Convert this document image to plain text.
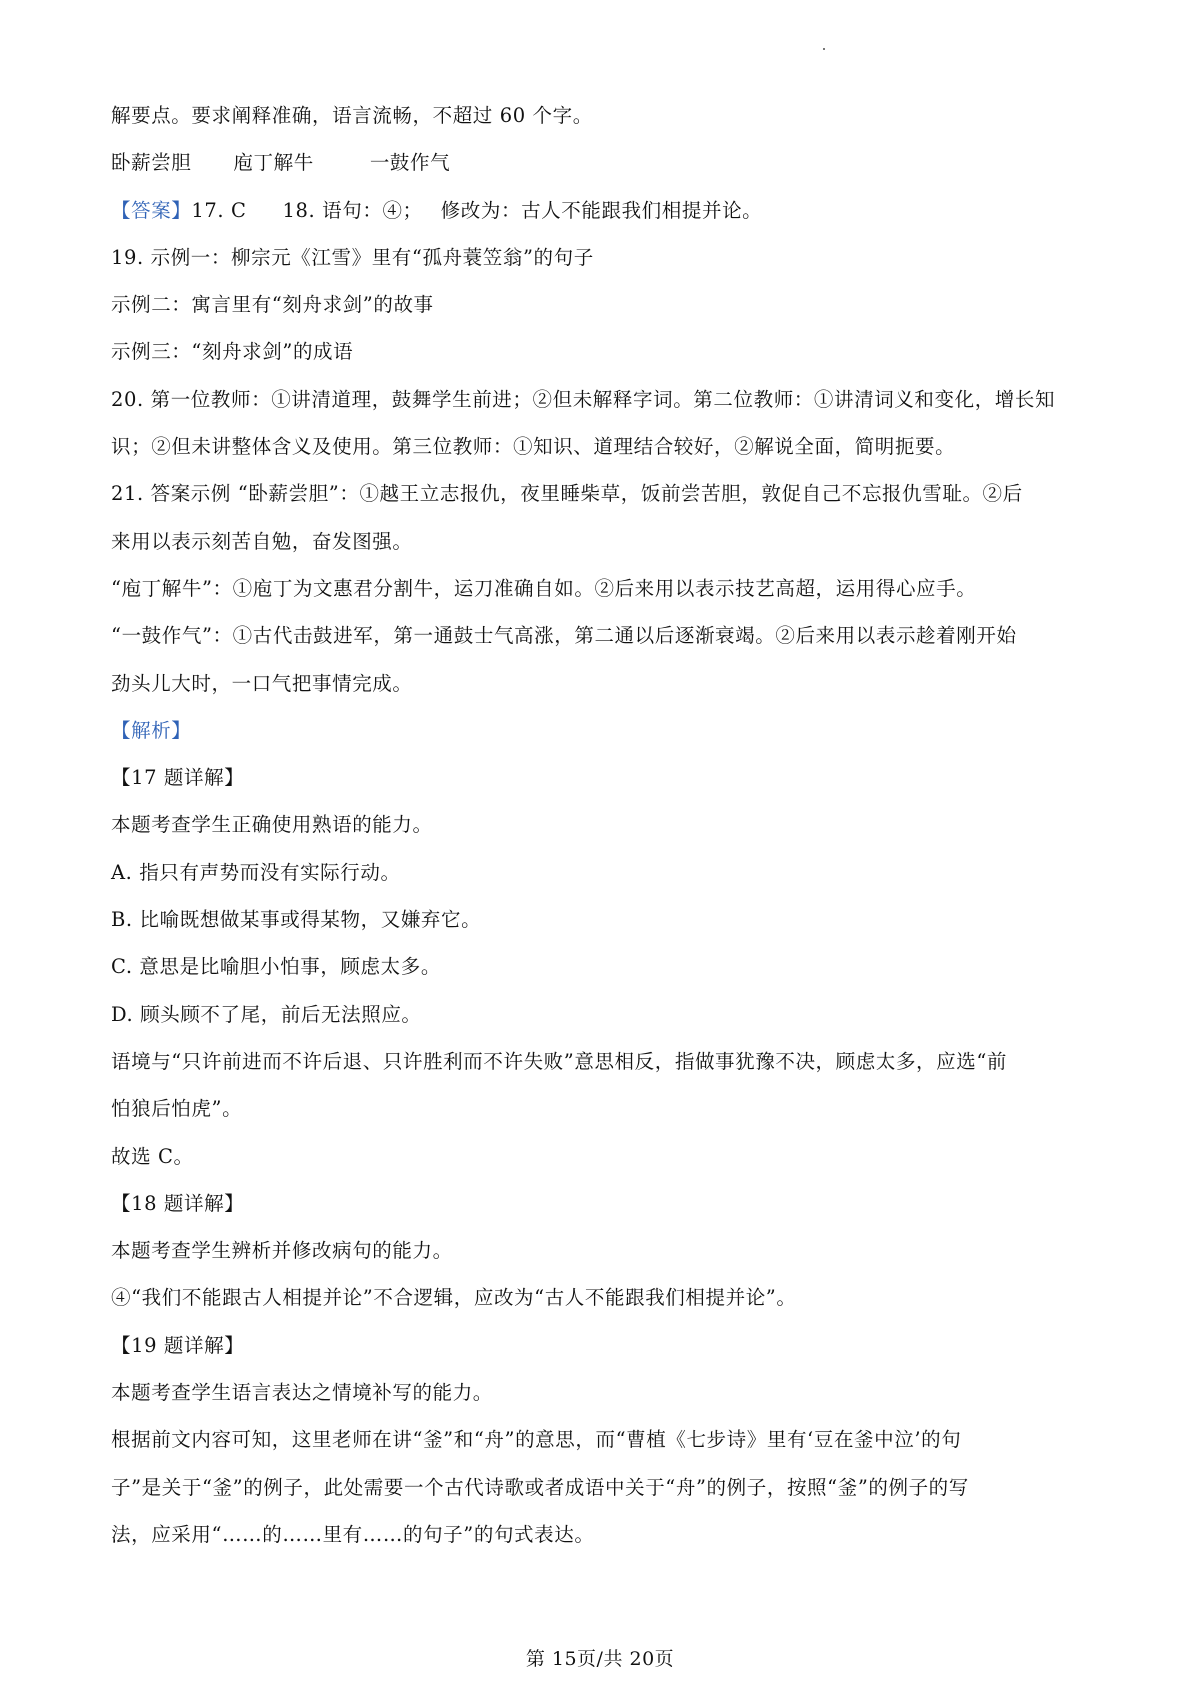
解要点。要求阐释准确，语言流畅，不超过 60 个字。
卧薪尝胆 庖丁解牛	一鼓作气
【答案】17. C 18. 语句：④； 修改为：古人不能跟我们相提并论。
19. 示例一：柳宗元《江雪》里有“孤舟蓑笠翁”的句子
示例二：寓言里有“刻舟求剑”的故事
示例三：“刻舟求剑”的成语
20. 第一位教师：①讲清道理，鼓舞学生前进；②但未解释字词。第二位教师：①讲清词义和变化，增长知
识；②但未讲整体含义及使用。第三位教师：①知识、道理结合较好，②解说全面，简明扼要。
21. 答案示例 “卧薪尝胆”：①越王立志报仇，夜里睡柴草，饭前尝苦胆，敦促自己不忘报仇雪耻。②后
来用以表示刻苦自勉，奋发图强。
“庖丁解牛”：①庖丁为文惠君分割牛，运刀准确自如。②后来用以表示技艺高超，运用得心应手。
“一鼓作气”：①古代击鼓进军，第一通鼓士气高涨，第二通以后逐渐衰竭。②后来用以表示趁着刚开始
劲头儿大时，一口气把事情完成。
【解析】
【17 题详解】
本题考查学生正确使用熟语的能力。
A. 指只有声势而没有实际行动。
B. 比喻既想做某事或得某物，又嫌弃它。
C. 意思是比喻胆小怕事，顾虑太多。
D. 顾头顾不了尾，前后无法照应。
语境与“只许前进而不许后退、只许胜利而不许失败”意思相反，指做事犹豫不决，顾虑太多，应选“前
怕狼后怕虎”。
故选 C。
【18 题详解】
本题考查学生辨析并修改病句的能力。
④“我们不能跟古人相提并论”不合逻辑，应改为“古人不能跟我们相提并论”。
【19 题详解】
本题考查学生语言表达之情境补写的能力。
根据前文内容可知，这里老师在讲“釜”和“舟”的意思，而“曹植《七步诗》里有‘豆在釜中泣’的句
子”是关于“釜”的例子，此处需要一个古代诗歌或者成语中关于“舟”的例子，按照“釜”的例子的写
法，应采用“……的……里有……的句子”的句式表达。
第 15页/共 20页
